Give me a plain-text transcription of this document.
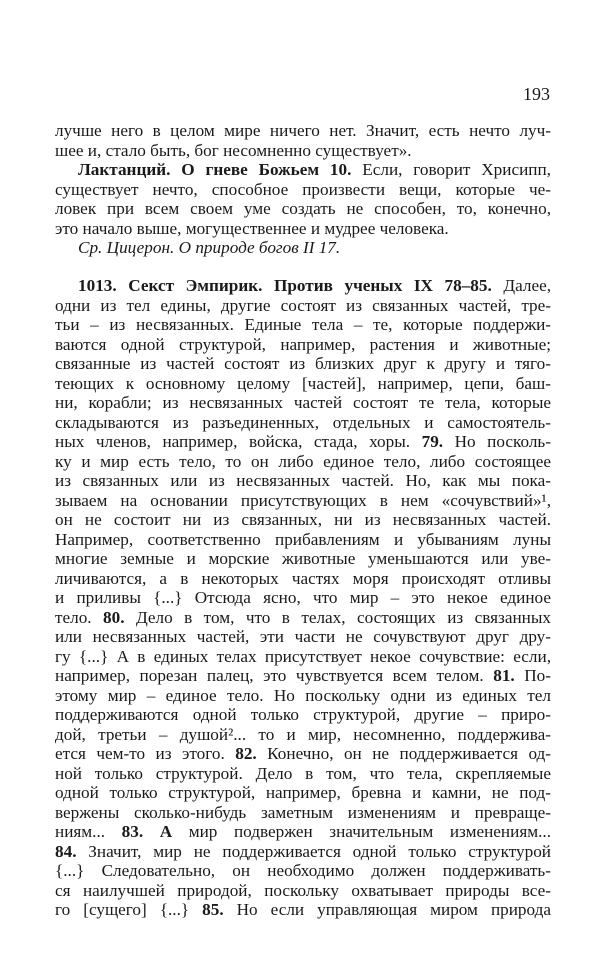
193
лучше него в целом мире ничего нет. Значит, есть нечто луч-
шее и, стало быть, бог несомненно существует».
Лактанций. О гневе Божьем 10. Если, говорит Хрисипп,
существует нечто, способное произвести вещи, которые че-
ловек при всем своем уме создать не способен, то, конечно,
это начало выше, могущественнее и мудрее человека.
Ср. Цицерон. О природе богов II 17.
1013. Секст Эмпирик. Против ученых IX 78–85. Далее,
одни из тел едины, другие состоят из связанных частей, тре-
тьи – из несвязанных. Единые тела – те, которые поддержи-
ваются одной структурой, например, растения и животные;
связанные из частей состоят из близких друг к другу и тяго-
теющих к основному целому [частей], например, цепи, баш-
ни, корабли; из несвязанных частей состоят те тела, которые
складываются из разъединенных, отдельных и самостоятель-
ных членов, например, войска, стада, хоры. 79. Но посколь-
ку и мир есть тело, то он либо единое тело, либо состоящее
из связанных или из несвязанных частей. Но, как мы пока-
зываем на основании присутствующих в нем «сочувствий»¹,
он не состоит ни из связанных, ни из несвязанных частей.
Например, соответственно прибавлениям и убываниям луны
многие земные и морские животные уменьшаются или уве-
личиваются, а в некоторых частях моря происходят отливы
и приливы {...} Отсюда ясно, что мир – это некое единое
тело. 80. Дело в том, что в телах, состоящих из связанных
или несвязанных частей, эти части не сочувствуют друг дру-
гу {...} А в единых телах присутствует некое сочувствие: если,
например, порезан палец, это чувствуется всем телом. 81. По-
этому мир – единое тело. Но поскольку одни из единых тел
поддерживаются одной только структурой, другие – приро-
дой, третьи – душой²... то и мир, несомненно, поддержива-
ется чем-то из этого. 82. Конечно, он не поддерживается од-
ной только структурой. Дело в том, что тела, скрепляемые
одной только структурой, например, бревна и камни, не под-
вержены сколько-нибудь заметным изменениям и превраще-
ниям... 83. А мир подвержен значительным изменениям...
84. Значит, мир не поддерживается одной только структурой
{...} Следовательно, он необходимо должен поддерживать-
ся наилучшей природой, поскольку охватывает природы все-
го [сущего] {...} 85. Но если управляющая миром природа
